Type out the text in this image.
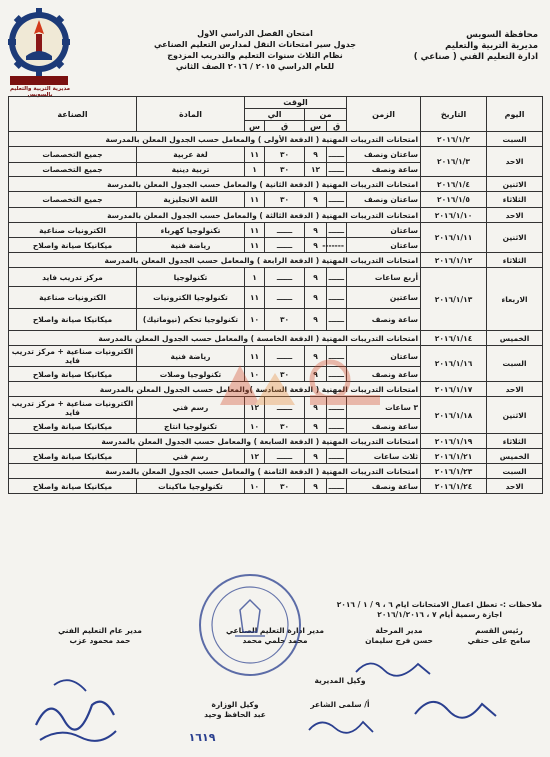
مديرية التربية والتعليم بالسويس
محافظة السويس
مديرية التربية والتعليم
ادارة التعليم الفني ( صناعي )
امتحان الفصل الدراسي الاول
جدول سير امتحانات النقل لمدارس التعليم الصناعي
نظام الثلاث سنوات التعليم والتدريب المزدوج
للعام الدراسي ٢٠١٥ / ٢٠١٦ الصف الثاني
اليوم	التاريخ	الزمن	الوقت				المادة	الصناعة
			من		الي			
			ق	س	ق	س		
السبت	٢٠١٦/١/٢	امتحانات التدريبات المهنية ( الدفعة الأولى ) والمعامل حسب الجدول المعلن بالمدرسة						
الاحد	٢٠١٦/١/٣	ساعتان ونصف	ــــــ	٩	٣٠	١١	لغة عربية	جميع التخصصات
		ساعة ونصف	ــــــ	١٢	٣٠	١	تربية دينية	جميع التخصصات
الاثنين	٢٠١٦/١/٤	امتحانات التدريبات المهنية ( الدفعة الثانية ) والمعامل حسب الجدول المعلن بالمدرسة						
الثلاثاء	٢٠١٦/١/٥	ساعتان ونصف	ــــــ	٩	٣٠	١١	اللغة الانجليزية	جميع التخصصات
الاحد	٢٠١٦/١/١٠	امتحانات التدريبات المهنية ( الدفعة الثالثة ) والمعامل حسب الجدول المعلن بالمدرسة						
الاثنين	٢٠١٦/١/١١	ساعتان	ــــــ	٩	ــــــ	١١	تكنولوجيا كهرباء	الكترونيات صناعية
		ساعتان	-------	٩	ــــــ	١١	رياضة فنية	ميكانيكا صيانة واصلاح
الثلاثاء	٢٠١٦/١/١٢	امتحانات التدريبات المهنية ( الدفعة الرابعة ) والمعامل حسب الجدول المعلن بالمدرسة						
الاربعاء	٢٠١٦/١/١٣	أربع ساعات	ــــــ	٩	ــــــ	١	تكنولوجيا	مركز تدريب فايد
		ساعتين	ــــــ	٩	ــــــ	١١	تكنولوجيا الكترونيات	الكترونيات صناعية
		ساعة ونصف	ــــــ	٩	٣٠	١٠	تكنولوجيا تحكم (نيوماتيك)	ميكانيكا صيانة واصلاح
الخميس	٢٠١٦/١/١٤	امتحانات التدريبات المهنية ( الدفعة الخامسة ) والمعامل حسب الجدول المعلن بالمدرسة						
السبت	٢٠١٦/١/١٦	ساعتان	ــــــ	٩	ــــــ	١١	رياضة فنية	الكترونيات صناعية + مركز تدريب فايد
		ساعة ونصف	ــــــ	٩	٣٠	١٠	تكنولوجيا وصلات	ميكانيكا صيانة واصلاح
الاحد	٢٠١٦/١/١٧	امتحانات التدريبات المهنية ( الدفعة السادسة )والمعامل حسب الجدول المعلن بالمدرسة						
الاثنين	٢٠١٦/١/١٨	٣ ساعات	ــــــ	٩	ــــــ	١٢	رسم فني	الكترونيات صناعية + مركز تدريب فايد
		ساعة ونصف	ــــــ	٩	٣٠	١٠	تكنولوجيا انتاج	ميكانيكا صيانة واصلاح
الثلاثاء	٢٠١٦/١/١٩	امتحانات التدريبات المهنية ( الدفعة السابعة ) والمعامل حسب الجدول المعلن بالمدرسة						
الخميس	٢٠١٦/١/٢١	ثلاث ساعات	ــــــ	٩	ــــــ	١٢	رسم فني	ميكانيكا صيانة واصلاح
السبت	٢٠١٦/١/٢٣	امتحانات التدريبات المهنية ( الدفعة الثامنة ) والمعامل حسب الجدول المعلن بالمدرسة						
الاحد	٢٠١٦/١/٢٤	ساعة ونصف	ــــــ	٩	٣٠	١٠	تكنولوجيا ماكينات	ميكانيكا صيانة واصلاح
ملاحظات :- تعطل اعمال الامتحانات ايام ٦ ، ٩ / ١ / ٢٠١٦
اجازة رسمية أيام ٧ ، ٢٠١٦/١/٢٠١٦
رئيس القسم
سامح على حنفي
مدير المرحلة
حسن فرج سليمان
مدير ادارة التعليم الصناعي
محمد حلمي محمد
مدير عام التعليم الفني
حمد محمود عزب
وكيل المديرية
أ/ سلمى الشاعر
وكيل الوزارة
عبد الحافظ وحيد
١٦١٩
